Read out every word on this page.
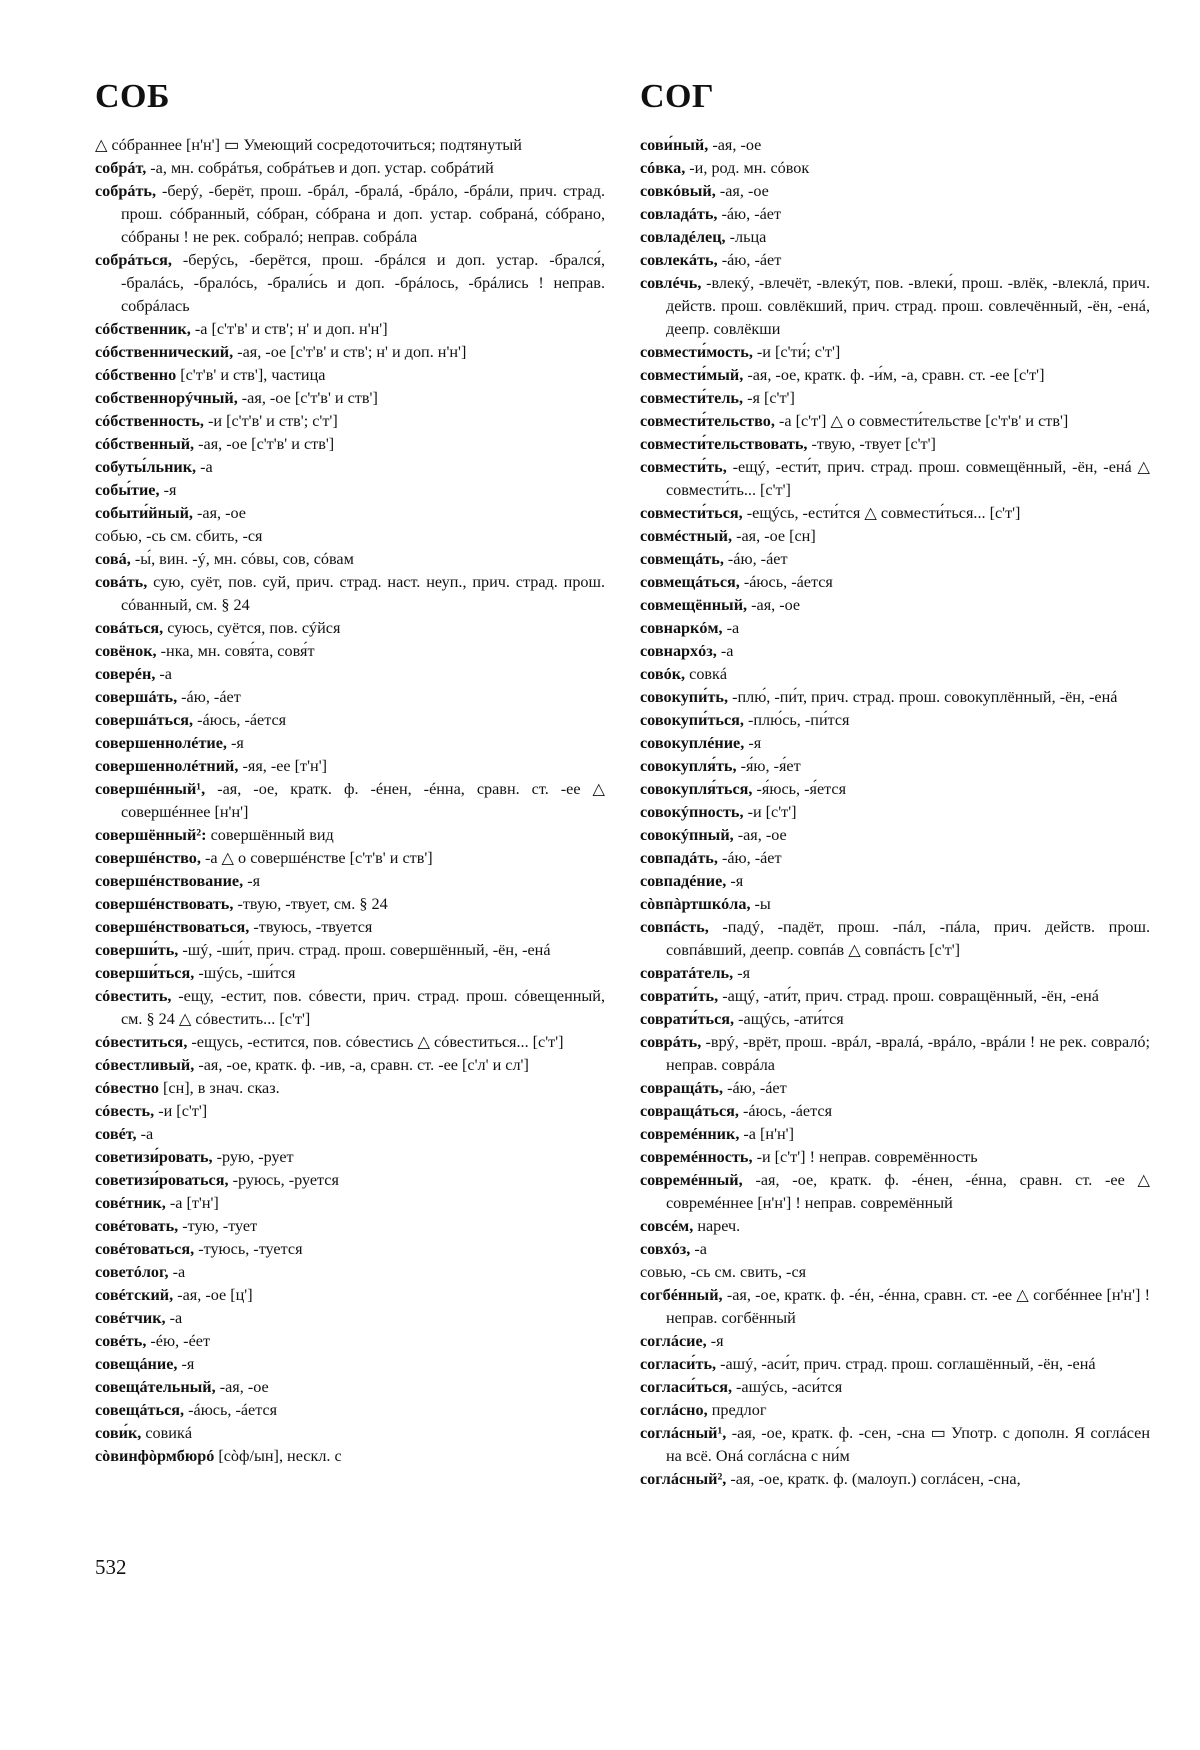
СОБ	СОГ
△ сóбраннее [н'н'] ▭ Умеющий сосредоточиться; подтянутый
собрáт, -а, мн. собрáтья, собрáтьев и доп. устар. собрáтий
собрáть, -берý, -берёт, прош. -брáл, -бралá, -брáло, -брáли, прич. страд. прош. сóбранный, сóбран, сóбрана и доп. устар. собранá, сóбрано, сóбраны ! не рек. собралó; неправ. собрáла
собрáться, -берýсь, -берётся, прош. -брáлся и доп. устар. -брался́, -бралáсь, -бралóсь, -брали́сь и доп. -брáлось, -брáлись ! неправ. собрáлась
сóбственник, -а [с'т'в' и ств'; н' и доп. н'н']
сóбственнический, -ая, -ое [с'т'в' и ств'; н' и доп. н'н']
сóбственно [с'т'в' и ств'], частица
собственнорýчный, -ая, -ое [с'т'в' и ств']
сóбственность, -и [с'т'в' и ств'; с'т']
сóбственный, -ая, -ое [с'т'в' и ств']
собуты́льник, -а
собы́тие, -я
событи́йный, -ая, -ое
собью, -сь см. сбить, -ся
совá, -ы́, вин. -ý, мн. сóвы, сов, сóвам
совáть, сую, суёт, пов. суй, прич. страд. наст. неуп., прич. страд. прош. сóванный, см. § 24
совáться, суюсь, суётся, пов. сýйся
совёнок, -нка, мн. совя́та, совя́т
соверéн, -а
совершáть, -áю, -áет
совершáться, -áюсь, -áется
совершеннолéтие, -я
совершеннолéтний, -яя, -ее [т'н']
совершéнный¹, -ая, -ое, кратк. ф. -éнен, -éнна, сравн. ст. -ее △ совершéннее [н'н']
совершённый²: совершённый вид
совершéнство, -а △ о совершéнстве [с'т'в' и ств']
совершéнствование, -я
совершéнствовать, -твую, -твует, см. § 24
совершéнствоваться, -твуюсь, -твуется
соверши́ть, -шý, -ши́т, прич. страд. прош. совершённый, -ён, -енá
соверши́ться, -шýсь, -ши́тся
сóвестить, -ещу, -естит, пов. сóвести, прич. страд. прош. сóвещенный, см. § 24 △ сóвестить... [с'т']
сóвеститься, -ещусь, -естится, пов. сóвестись △ сóвеститься... [с'т']
сóвестливый, -ая, -ое, кратк. ф. -ив, -а, сравн. ст. -ее [с'л' и сл']
сóвестно [сн], в знач. сказ.
сóвесть, -и [с'т']
совéт, -а
советизи́ровать, -рую, -рует
советизи́роваться, -руюсь, -руется
совéтник, -а [т'н']
совéтовать, -тую, -тует
совéтоваться, -туюсь, -туется
советóлог, -а
совéтский, -ая, -ое [ц']
совéтчик, -а
совéть, -éю, -éет
совещáние, -я
совещáтельный, -ая, -ое
совещáться, -áюсь, -áется
сови́к, совикá
сòвинфòрмбюрó [сòф/ын], нескл. с
сови́ный, -ая, -ое
сóвка, -и, род. мн. сóвок
совкóвый, -ая, -ое
совладáть, -áю, -áет
совладéлец, -льца
совлекáть, -áю, -áет
совлéчь, -влекý, -влечёт, -влекýт, пов. -влеки́, прош. -влёк, -влеклá, прич. действ. прош. совлёкший, прич. страд. прош. совлечённый, -ён, -енá, деепр. совлёкши
совмести́мость, -и [с'ти́; с'т']
совмести́мый, -ая, -ое, кратк. ф. -и́м, -а, сравн. ст. -ее [с'т']
совмести́тель, -я [с'т']
совмести́тельство, -а [с'т'] △ о совмести́тельстве [с'т'в' и ств']
совмести́тельствовать, -твую, -твует [с'т']
совмести́ть, -ещý, -ести́т, прич. страд. прош. совмещённый, -ён, -енá △ совмести́ть... [с'т']
совмести́ться, -ещýсь, -ести́тся △ совмести́ться... [с'т']
совмéстный, -ая, -ое [сн]
совмещáть, -áю, -áет
совмещáться, -áюсь, -áется
совмещённый, -ая, -ое
совнаркóм, -а
совнархóз, -а
совóк, совкá
совокупи́ть, -плю́, -пи́т, прич. страд. прош. совокуплённый, -ён, -енá
совокупи́ться, -плю́сь, -пи́тся
совокуплéние, -я
совокупля́ть, -я́ю, -я́ет
совокупля́ться, -я́юсь, -я́ется
совокýпность, -и [с'т']
совокýпный, -ая, -ое
совпадáть, -áю, -áет
совпадéние, -я
сòвпàртшкóла, -ы
совпáсть, -падý, -падёт, прош. -пáл, -пáла, прич. действ. прош. совпáвший, деепр. совпáв △ совпáсть [с'т']
совратáтель, -я
соврати́ть, -ащý, -ати́т, прич. страд. прош. совращённый, -ён, -енá
соврати́ться, -ащýсь, -ати́тся
соврáть, -врý, -врёт, прош. -врáл, -вралá, -врáло, -врáли ! не рек. совралó; неправ. соврáла
совращáть, -áю, -áет
совращáться, -áюсь, -áется
совремéнник, -а [н'н']
совремéнность, -и [с'т'] ! неправ. совремённость
совремéнный, -ая, -ое, кратк. ф. -éнен, -éнна, сравн. ст. -ее △ совремéннее [н'н'] ! неправ. совремённый
совсéм, нареч.
совхóз, -а
совью, -сь см. свить, -ся
согбéнный, -ая, -ое, кратк. ф. -éн, -éнна, сравн. ст. -ее △ согбéннее [н'н'] ! неправ. согбённый
соглáсие, -я
согласи́ть, -ашý, -аси́т, прич. страд. прош. соглашённый, -ён, -енá
согласи́ться, -ашýсь, -аси́тся
соглáсно, предлог
соглáсный¹, -ая, -ое, кратк. ф. -сен, -сна ▭ Употр. с дополн. Я соглáсен на всё. Онá соглáсна с ни́м
соглáсный², -ая, -ое, кратк. ф. (малоуп.) соглáсен, -сна,
532
